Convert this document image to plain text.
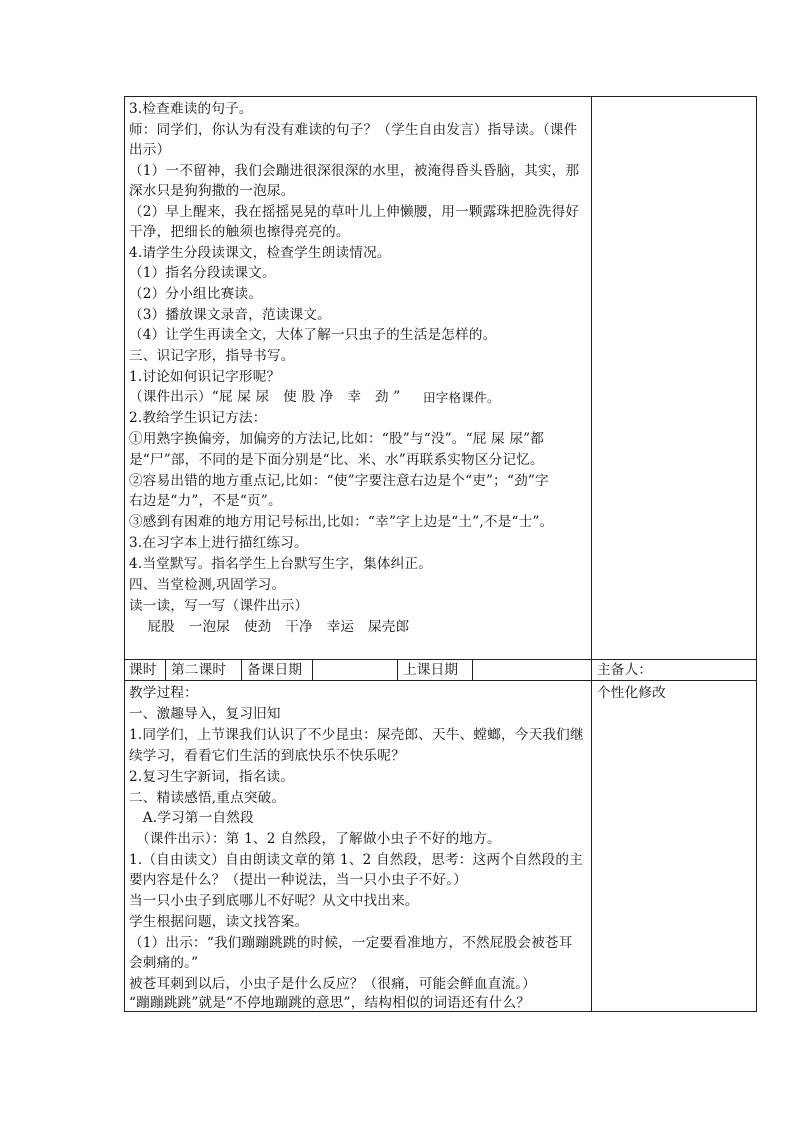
3.检查难读的句子。
师：同学们，你认为有没有难读的句子？（学生自由发言）指导读。（课件
出示）
（1）一不留神，我们会蹦进很深很深的水里，被淹得昏头昏脑，其实，那
深水只是狗狗撒的一泡尿。
（2）早上醒来，我在摇摇晃晃的草叶儿上伸懒腰，用一颗露珠把脸洗得好
干净，把细长的触须也擦得亮亮的。
4.请学生分段读课文，检查学生朗读情况。
（1）指名分段读课文。
（2）分小组比赛读。
（3）播放课文录音，范读课文。
（4）让学生再读全文，大体了解一只虫子的生活是怎样的。
三、识记字形，指导书写。
1.讨论如何识记字形呢？
（课件出示）“屁 屎 尿　使 股 净　幸　劲 ” 田字格课件。
2.教给学生识记方法：
①用熟字换偏旁，加偏旁的方法记,比如：“股”与“没”。“屁 屎 尿”都
是“尸”部，不同的是下面分别是“比、米、水”再联系实物区分记忆。
②容易出错的地方重点记,比如：“使”字要注意右边是个“吏”；“劲”字
右边是“力”，不是“页”。
③感到有困难的地方用记号标出,比如：“幸”字上边是“土”,不是“士”。
3.在习字本上进行描红练习。
4.当堂默写。指名学生上台默写生字，集体纠正。
四、当堂检测,巩固学习。
读一读，写一写（课件出示）
　 屁股　一泡尿　使劲　干净　幸运　屎壳郎
课时 第二课时 备课日期	上课日期	主备人：
个性化修改
教学过程：
一、激趣导入，复习旧知
1.同学们，上节课我们认识了不少昆虫：屎壳郎、天牛、螳螂，今天我们继
续学习，看看它们生活的到底快乐不快乐呢？
2.复习生字新词，指名读。
二、精读感悟,重点突破。
　A.学习第一自然段
　（课件出示）：第 1、2 自然段，了解做小虫子不好的地方。
1.（自由读文）自由朗读文章的第 1、2 自然段，思考：这两个自然段的主
要内容是什么？（提出一种说法，当一只小虫子不好。）
当一只小虫子到底哪儿不好呢？从文中找出来。
学生根据问题，读文找答案。
（1）出示：“我们蹦蹦跳跳的时候，一定要看准地方，不然屁股会被苍耳
会刺痛的。”
被苍耳刺到以后，小虫子是什么反应？（很痛，可能会鲜血直流。）
“蹦蹦跳跳”就是“不停地蹦跳的意思”，结构相似的词语还有什么？
